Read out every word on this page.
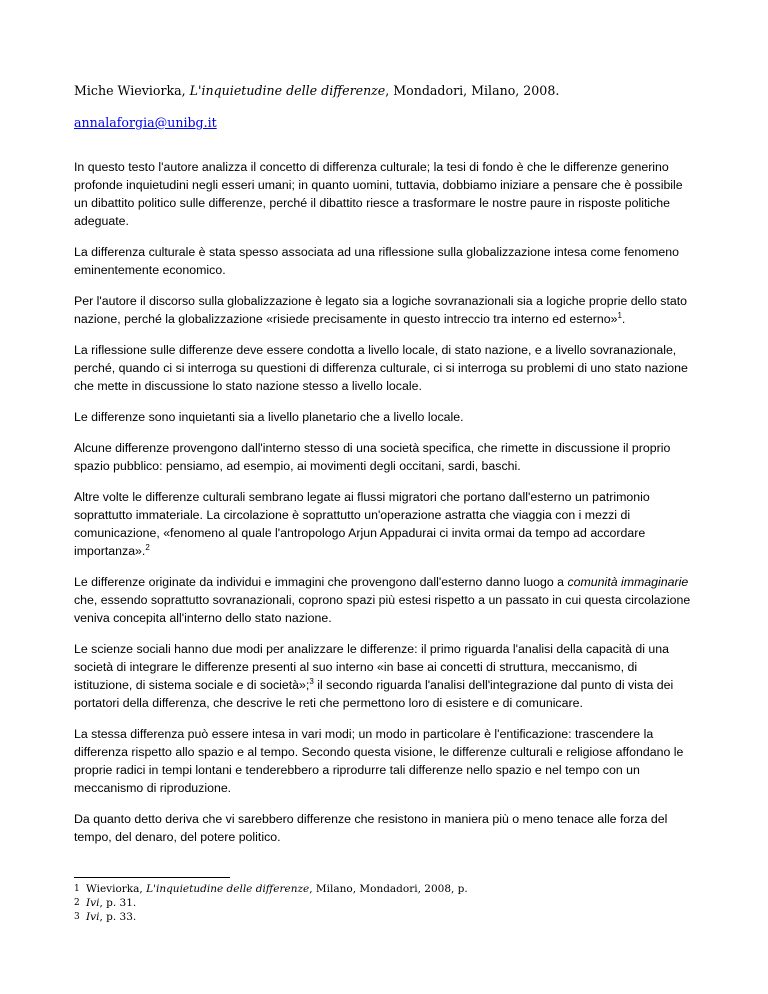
Miche Wieviorka, L'inquietudine delle differenze, Mondadori, Milano, 2008.
annalaforgia@unibg.it

In questo testo l'autore analizza il concetto di differenza culturale; la tesi di fondo è che le differenze generino profonde inquietudini negli esseri umani; in quanto uomini, tuttavia, dobbiamo iniziare a pensare che è possibile un dibattito politico sulle differenze, perché il dibattito riesce a trasformare le nostre paure in risposte politiche adeguate.

La differenza culturale è stata spesso associata ad una riflessione sulla globalizzazione intesa come fenomeno eminentemente economico.

Per l'autore il discorso sulla globalizzazione è legato sia a logiche sovranazionali sia a logiche proprie dello stato nazione, perché la globalizzazione «risiede precisamente in questo intreccio tra interno ed esterno»$^1$.

La riflessione sulle differenze deve essere condotta a livello locale, di stato nazione, e a livello sovranazionale, perché, quando ci si interroga su questioni di differenza culturale, ci si interroga su problemi di uno stato nazione che mette in discussione lo stato nazione stesso a livello locale.

Le differenze sono inquietanti sia a livello planetario che a livello locale.

Alcune differenze provengono dall'interno stesso di una società specifica, che rimette in discussione il proprio spazio pubblico: pensiamo, ad esempio, ai movimenti degli occitani, sardi, baschi.

Altre volte le differenze culturali sembrano legate ai flussi migratori che portano dall'esterno un patrimonio soprattutto immateriale. La circolazione è soprattutto un'operazione astratta che viaggia con i mezzi di comunicazione, «fenomeno al quale l'antropologo Arjun Appadurai ci invita ormai da tempo ad accordare importanza».$^2$

Le differenze originate da individui e immagini che provengono dall'esterno danno luogo a comunità immaginarie che, essendo soprattutto sovranazionali, coprono spazi più estesi rispetto a un passato in cui questa circolazione veniva concepita all'interno dello stato nazione.

Le scienze sociali hanno due modi per analizzare le differenze: il primo riguarda l'analisi della capacità di una società di integrare le differenze presenti al suo interno «in base ai concetti di struttura, meccanismo, di istituzione, di sistema sociale e di società»;$^3$ il secondo riguarda l'analisi dell'integrazione dal punto di vista dei portatori della differenza, che descrive le reti che permettono loro di esistere e di comunicare.

La stessa differenza può essere intesa in vari modi; un modo in particolare è l'entificazione: trascendere la differenza rispetto allo spazio e al tempo. Secondo questa visione, le differenze culturali e religiose affondano le proprie radici in tempi lontani e tenderebbero a riprodurre tali differenze nello spazio e nel tempo con un meccanismo di riproduzione.

Da quanto detto deriva che vi sarebbero differenze che resistono in maniera più o meno tenace alle forza del tempo, del denaro, del potere politico.

1 Wieviorka, L'inquietudine delle differenze, Milano, Mondadori, 2008, p.
2 Ivi, p. 31.
3 Ivi, p. 33.
